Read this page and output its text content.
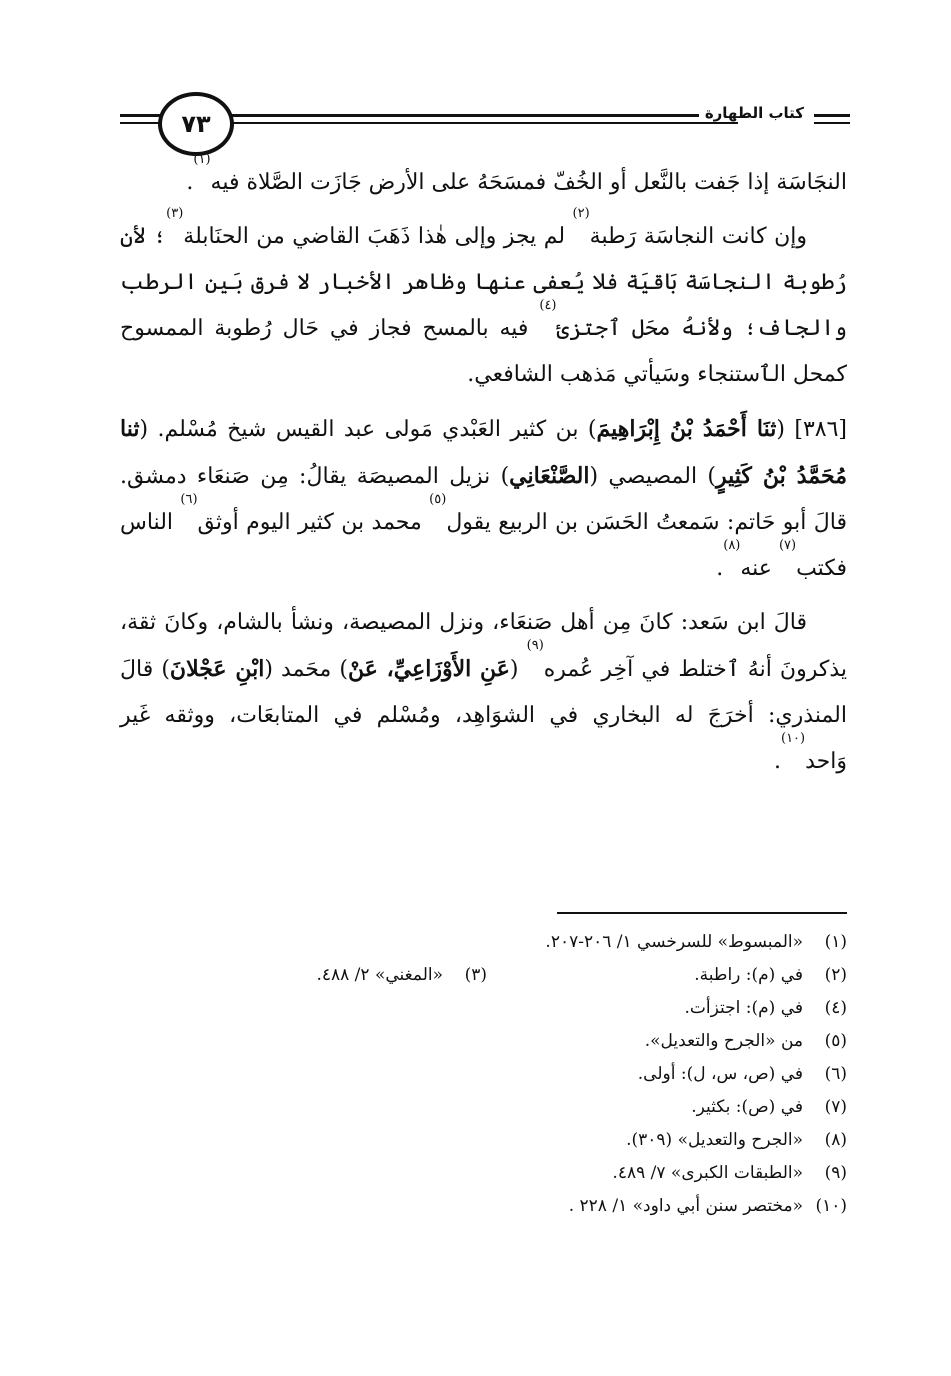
٧٣	كتاب الطهارة

النجَاسَة إذا جَفت بالنَّعل أو الخُفّ فمسَحَهُ على الأرض جَازَت الصَّلاة فيه$^{(١)}$.

وإن كانت النجاسَة رَطبة$^{(٢)}$ لم يجز وإلى هٰذا ذَهَبَ القاضي من الحنَابلة$^{(٣)}$؛ لأن رُطوبة النجاسَة بَاقيَة فلا يُعفى عنها وظاهر الأخبار لا فرق بَين الرطب والجاف؛ ولأنهُ محَل ٱجتزئ$^{(٤)}$ فيه بالمسح فجاز في حَال رُطوبة الممسوح كمحل الٱستنجاء وسَيأتي مَذهب الشافعي.

[٣٨٦] (ثنَا أَحْمَدُ بْنُ إِبْرَاهِيمَ) بن كثير العَبْدي مَولى عبد القيس شيخ مُسْلم. (ثنا مُحَمَّدُ بْنُ كَثِيرٍ) المصيصي (الصَّنْعَانِي) نزيل المصيصَة يقالُ: مِن صَنعَاء دمشق. قالَ أبو حَاتم: سَمعتُ الحَسَن بن الربيع يقول$^{(٥)}$ محمد بن كثير اليوم أوثق$^{(٦)}$ الناس فكتب$^{(٧)}$ عنه$^{(٨)}$.

قالَ ابن سَعد: كانَ مِن أهل صَنعَاء، ونزل المصيصة، ونشأ بالشام، وكانَ ثقة، يذكرونَ أنهُ ٱختلط في آخِر عُمره$^{(٩)}$ (عَنِ الأَوْزَاعِيِّ، عَنْ) محَمد (ابْنِ عَجْلانَ) قالَ المنذري: أخرَجَ له البخاري في الشوَاهِد، ومُسْلم في المتابعَات، ووثقه غَير وَاحد$^{(١٠)}$.

(١)
«المبسوط» للسرخسي ١/ ٢٠٦-٢٠٧.
(٢)
في (م): راطبة.
(٣)
«المغني» ٢/ ٤٨٨.
(٤)
في (م): اجتزأت.
(٥)
من «الجرح والتعديل».
(٦)
في (ص، س، ل): أولى.
(٧)
في (ص): بكثير.
(٨)
«الجرح والتعديل» (٣٠٩).
(٩)
«الطبقات الكبرى» ٧/ ٤٨٩.
(١٠)
«مختصر سنن أبي داود» ١/ ٢٢٨ .
